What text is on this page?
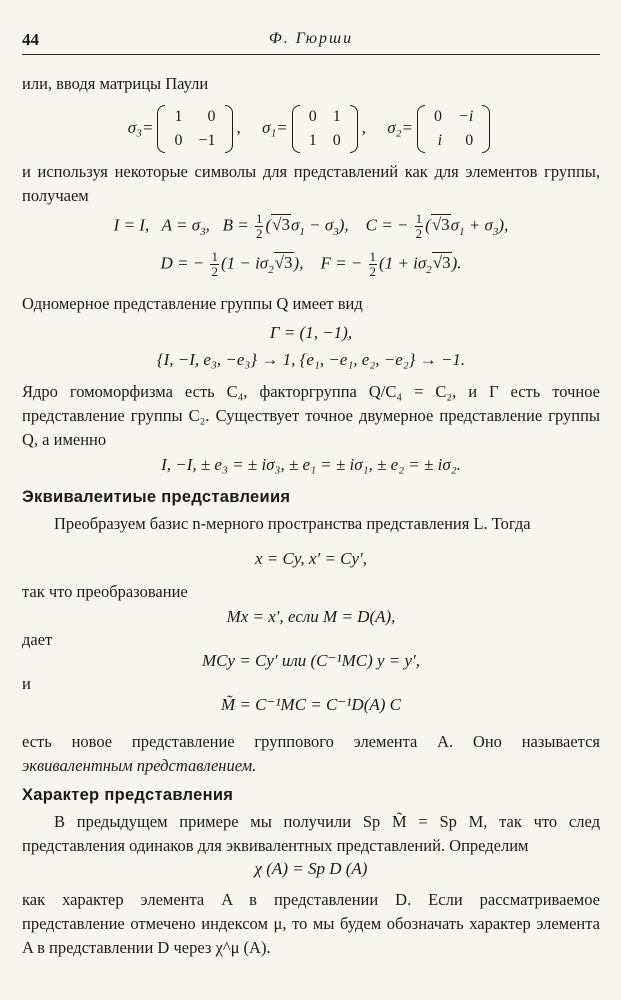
44	Ф. Гюрши
или, вводя матрицы Паули
σ₃=
1	0
0	−1
,     σ₁=
0	1
1	0
,     σ₂=
0	−i
i	0
и используя некоторые символы для представлений как для элементов группы, получаем
I = I,   $A = \sigma_3$,   $B = \frac{1}{2} (√3\sigma_1 - \sigma_3)$,    C = − $\frac{1}{2} (√3\sigma_1 + \sigma_3)$,
D = − $\frac{1}{2} (1 - i\sigma_2√3)$,    F = − $\frac{1}{2} (1 + i\sigma_2√3)$.
Одномерное представление группы Q имеет вид
Γ = (1, −1),
{I, −I, e₃, −e₃} → 1, {e₁, −e₁, e₂, −e₂} → −1.
Ядро гомоморфизма есть C₄, факторгруппа Q/C₄ = C₂, и Γ есть точное представление группы C₂. Существует точное двумерное представление группы Q, а именно
I, −I, ± e₃ = ± iσ₃, ± e₁ = ± iσ₁, ± e₂ = ± iσ₂.
Эквивалеитиые представлеиия
Преобразуем базис n-мерного пространства представления L. Тогда
x = Cy, x′ = Cy′,
так что преобразование
Mx = x′, если M = D(A),
дает
MCy = Cy′ или (C⁻¹MC) y = y′,
и
M̃ = C⁻¹MC = C⁻¹D(A) C
есть новое представление группового элемента A. Оно называется эквивалентным представлением.
Характер представления
В предыдущем примере мы получили Sp M̃ = Sp M, так что след представления одинаков для эквивалентных представлений. Определим
χ (A) = Sp D (A)
как характер элемента A в представлении D. Если рассматриваемое представление отмечено индексом μ, то мы будем обозначать характер элемента A в представлении D через χ^μ (A).
